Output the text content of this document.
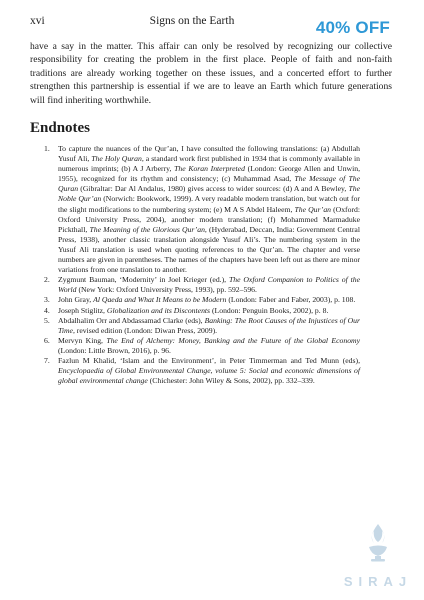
xvi	Signs on the Earth	40% OFF

have a say in the matter. This affair can only be resolved by recognizing our collective responsibility for creating the problem in the first place. People of faith and non-faith traditions are already working together on these issues, and a concerted effort to further strengthen this partnership is essential if we are to leave an Earth which future generations will find inheriting worthwhile.

Endnotes
1. To capture the nuances of the Qur’an, I have consulted the following translations: (a) Abdullah Yusuf Ali, The Holy Quran, a standard work first published in 1934 that is commonly available in numerous imprints; (b) A J Arberry, The Koran Interpreted (London: George Allen and Unwin, 1955), recognized for its rhythm and consistency; (c) Muhammad Asad, The Message of The Quran (Gibraltar: Dar Al Andalus, 1980) gives access to wider sources: (d) A and A Bewley, The Noble Qur’an (Norwich: Bookwork, 1999). A very readable modern translation, but watch out for the slight modifications to the numbering system; (e) M A S Abdel Haleem, The Qur’an (Oxford: Oxford University Press, 2004), another modern translation; (f) Mohammed Marmaduke Pickthall, The Meaning of the Glorious Qur’an, (Hyderabad, Deccan, India: Government Central Press, 1938), another classic translation alongside Yusuf Ali’s. The numbering system in the Yusuf Ali translation is used when quoting references to the Qur’an. The chapter and verse numbers are given in parentheses. The names of the chapters have been left out as there are minor variations from one translation to another.
2. Zygmunt Bauman, ‘Modernity’ in Joel Krieger (ed.), The Oxford Companion to Politics of the World (New York: Oxford University Press, 1993), pp. 592–596.
3. John Gray, Al Qaeda and What It Means to be Modern (London: Faber and Faber, 2003), p. 108.
4. Joseph Stiglitz, Globalization and its Discontents (London: Penguin Books, 2002), p. 8.
5. Abdalhalim Orr and Abdassamad Clarke (eds), Banking: The Root Causes of the Injustices of Our Time, revised edition (London: Diwan Press, 2009).
6. Mervyn King, The End of Alchemy: Money, Banking and the Future of the Global Economy (London: Little Brown, 2016), p. 96.
7. Fazlun M Khalid, ‘Islam and the Environment’, in Peter Timmerman and Ted Munn (eds), Encyclopaedia of Global Environmental Change, volume 5: Social and economic dimensions of global environmental change (Chichester: John Wiley & Sons, 2002), pp. 332–339.
SIRAJ
